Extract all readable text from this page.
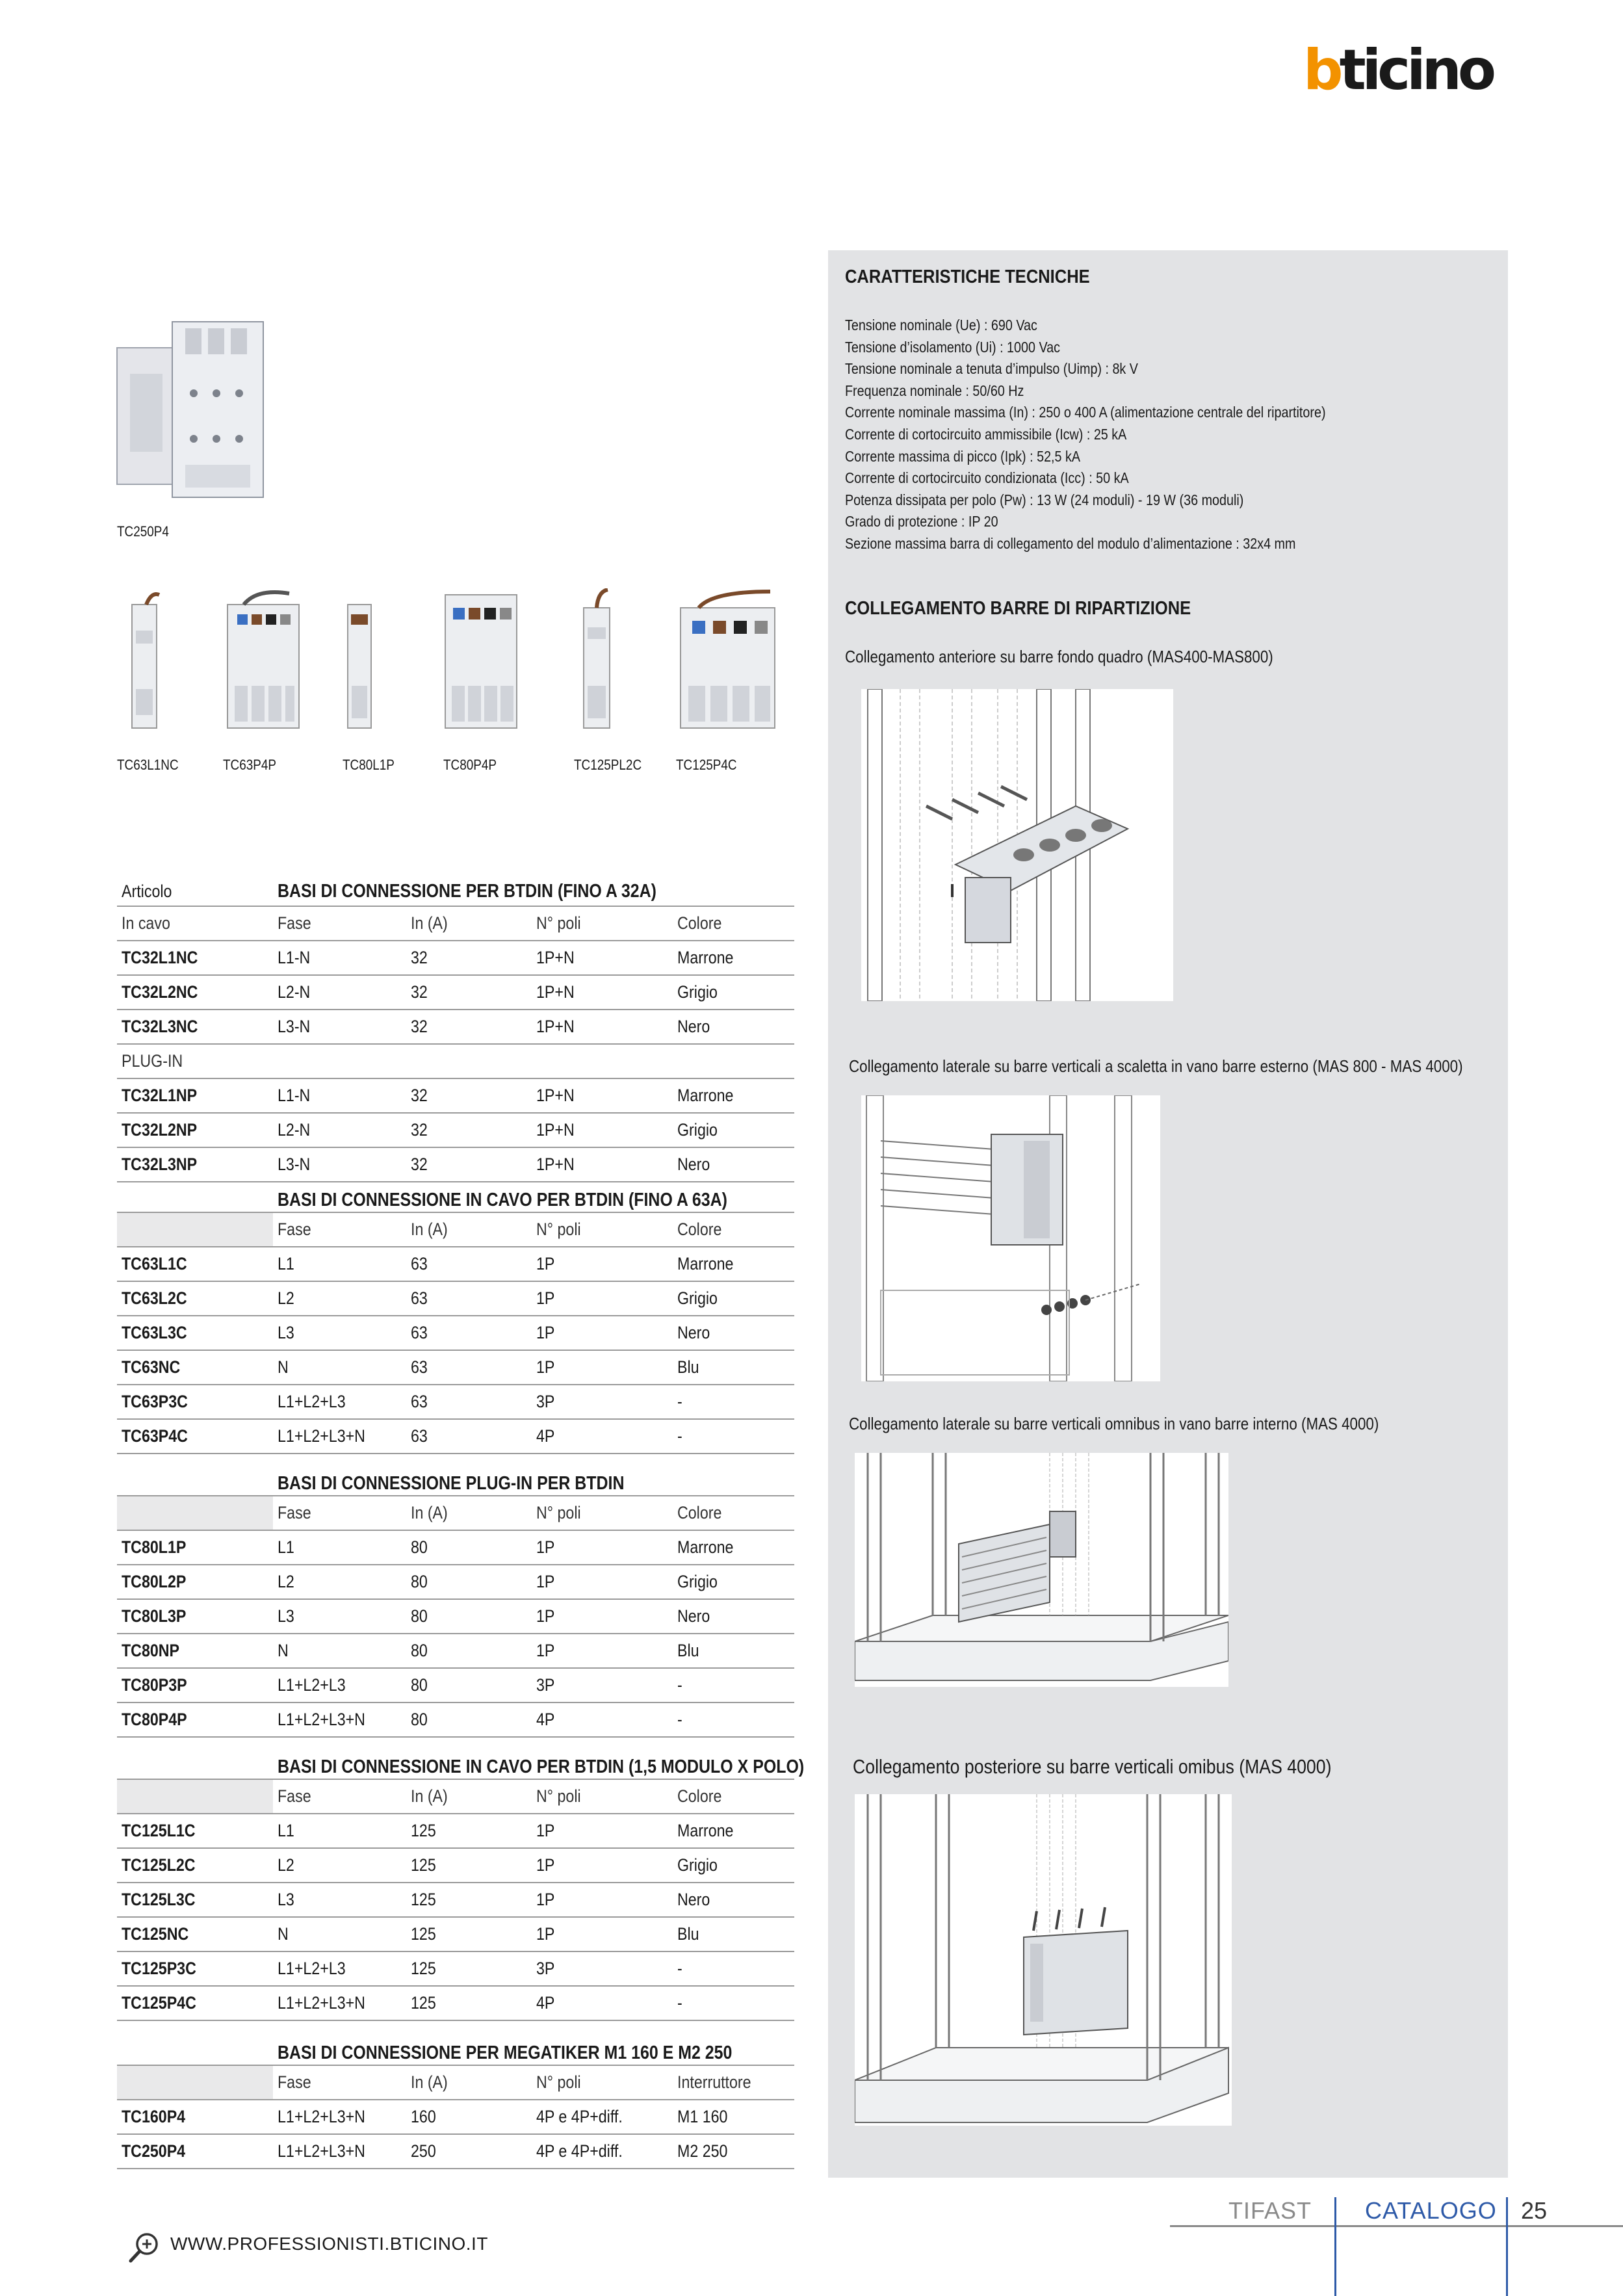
b ticino
TC250P4
TC63L1NC	TC63P4P	TC80L1P	TC80P4P	TC125PL2C TC125P4C
CARATTERISTICHE TECNICHE
Tensione nominale (Ue) : 690 Vac
Tensione d’isolamento (Ui) : 1000 Vac
Tensione nominale a tenuta d’impulso (Uimp) : 8k V
Frequenza nominale : 50/60 Hz
Corrente nominale massima (In) : 250 o 400 A (alimentazione centrale del ripartitore)
Corrente di cortocircuito ammissibile (Icw) : 25 kA
Corrente massima di picco (Ipk) : 52,5 kA
Corrente di cortocircuito condizionata (Icc) : 50 kA
Potenza dissipata per polo (Pw) : 13 W (24 moduli) - 19 W (36 moduli)
Grado di protezione : IP 20
Sezione massima barra di collegamento del modulo d’alimentazione : 32x4 mm
COLLEGAMENTO BARRE DI RIPARTIZIONE
Collegamento anteriore su barre fondo quadro (MAS400-MAS800)
Collegamento laterale su barre verticali a scaletta in vano barre esterno (MAS 800 - MAS 4000)
Collegamento laterale su barre verticali omnibus in vano barre interno (MAS 4000)
Collegamento posteriore su barre verticali omibus (MAS 4000)
Articolo	BASI DI CONNESSIONE PER BTDIN (FINO A 32A)
In cavo	Fase	In (A)	N° poli	Colore
TC32L1NC	L1-N	32	1P+N	Marrone
TC32L2NC	L2-N	32	1P+N	Grigio
TC32L3NC	L3-N	32	1P+N	Nero
PLUG-IN
TC32L1NP	L1-N	32	1P+N	Marrone
TC32L2NP	L2-N	32	1P+N	Grigio
TC32L3NP	L3-N	32	1P+N	Nero
BASI DI CONNESSIONE IN CAVO PER BTDIN (FINO A 63A)
Fase	In (A)	N° poli	Colore
TC63L1C	L1	63	1P	Marrone
TC63L2C	L2	63	1P	Grigio
TC63L3C	L3	63	1P	Nero
TC63NC	N	63	1P	Blu
TC63P3C	L1+L2+L3	63	3P	-
TC63P4C	L1+L2+L3+N	63	4P	-
BASI DI CONNESSIONE PLUG-IN PER BTDIN
Fase	In (A)	N° poli	Colore
TC80L1P	L1	80	1P	Marrone
TC80L2P	L2	80	1P	Grigio
TC80L3P	L3	80	1P	Nero
TC80NP	N	80	1P	Blu
TC80P3P	L1+L2+L3	80	3P	-
TC80P4P	L1+L2+L3+N	80	4P	-
BASI DI CONNESSIONE IN CAVO PER BTDIN (1,5 MODULO X POLO)
Fase	In (A)	N° poli	Colore
TC125L1C	L1	125	1P	Marrone
TC125L2C	L2	125	1P	Grigio
TC125L3C	L3	125	1P	Nero
TC125NC	N	125	1P	Blu
TC125P3C	L1+L2+L3	125	3P	-
TC125P4C	L1+L2+L3+N	125	4P	-
BASI DI CONNESSIONE PER MEGATIKER M1 160 E M2 250
Fase	In (A)	N° poli	Interruttore
TC160P4	L1+L2+L3+N	160	4P e 4P+diff.	M1 160
TC250P4	L1+L2+L3+N	250	4P e 4P+diff.	M2 250
TIFAST CATALOGO 25
WWW.PROFESSIONISTI.BTICINO.IT
